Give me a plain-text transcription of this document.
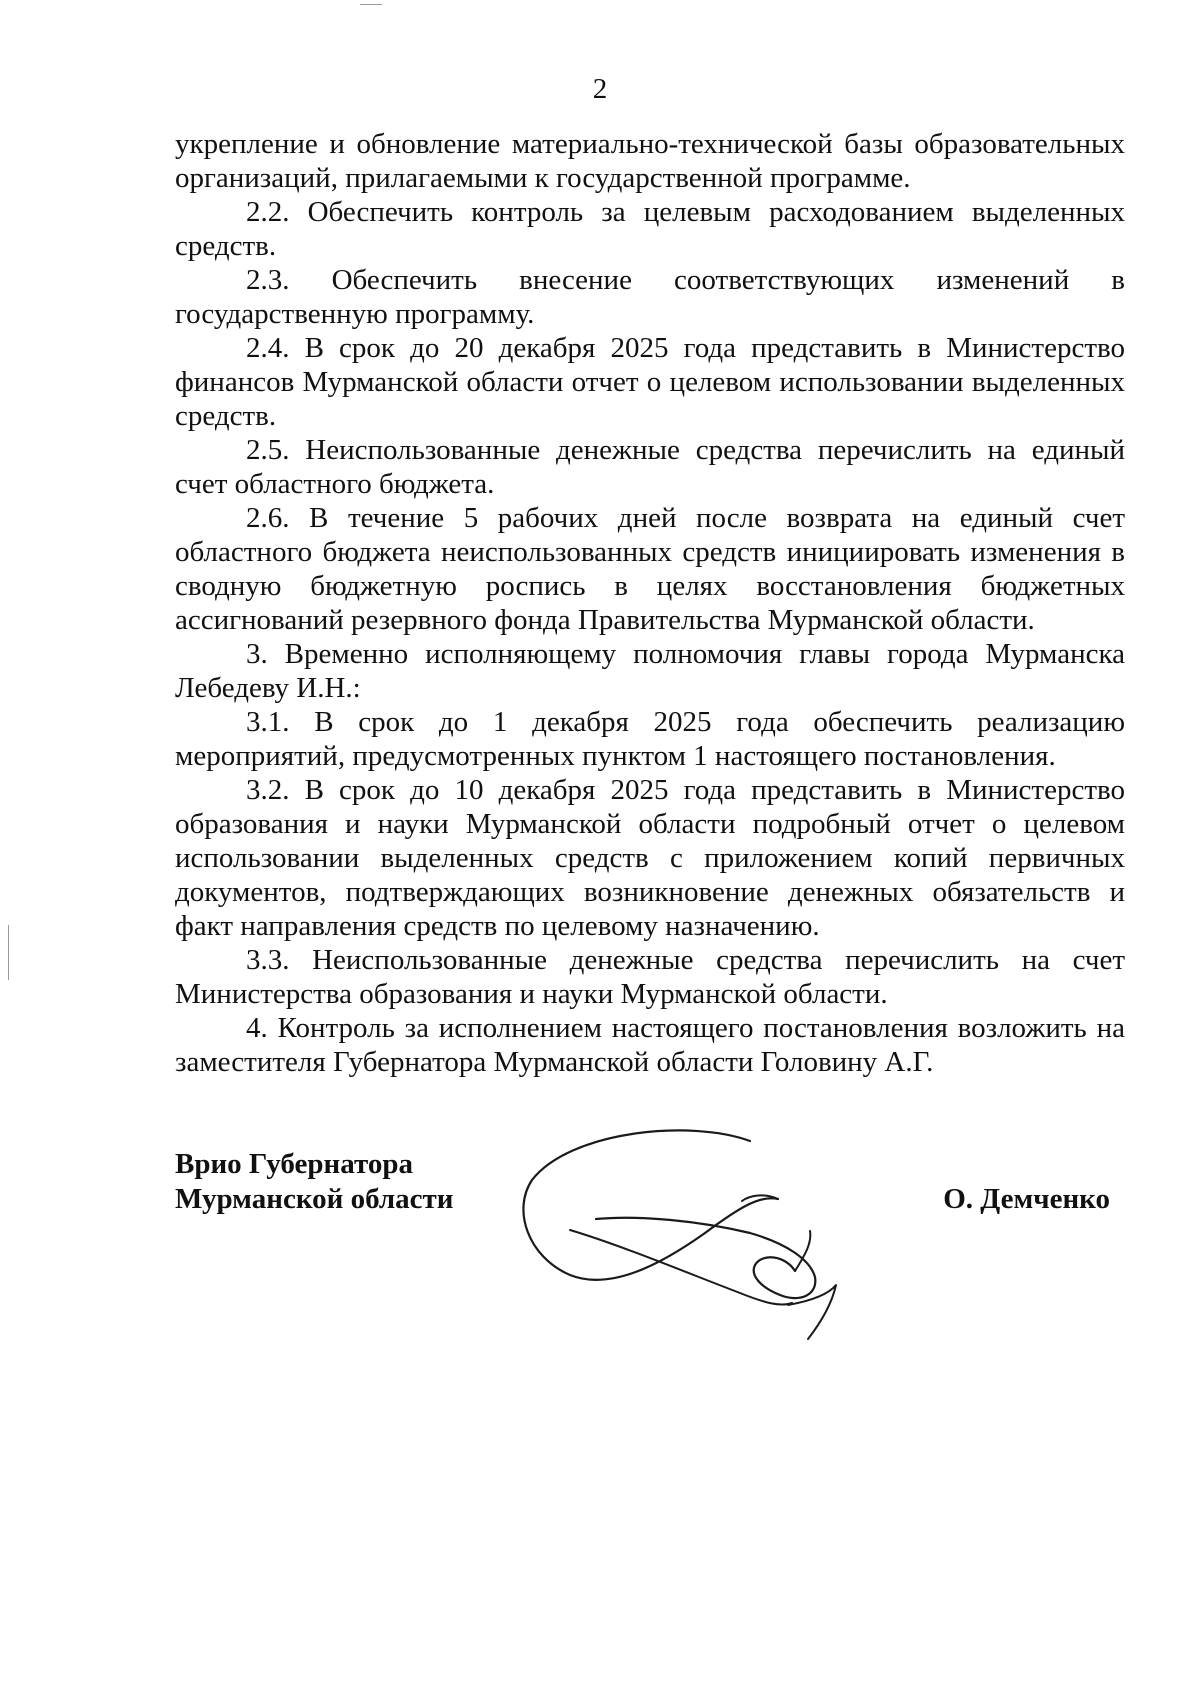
2

укрепление и обновление материально-технической базы образовательных организаций, прилагаемыми к государственной программе.

2.2. Обеспечить контроль за целевым расходованием выделенных средств.

2.3. Обеспечить внесение соответствующих изменений в государственную программу.

2.4. В срок до 20 декабря 2025 года представить в Министерство финансов Мурманской области отчет о целевом использовании выделенных средств.

2.5. Неиспользованные денежные средства перечислить на единый счет областного бюджета.

2.6. В течение 5 рабочих дней после возврата на единый счет областного бюджета неиспользованных средств инициировать изменения в сводную бюджетную роспись в целях восстановления бюджетных ассигнований резервного фонда Правительства Мурманской области.

3. Временно исполняющему полномочия главы города Мурманска Лебедеву И.Н.:

3.1. В срок до 1 декабря 2025 года обеспечить реализацию мероприятий, предусмотренных пунктом 1 настоящего постановления.

3.2. В срок до 10 декабря 2025 года представить в Министерство образования и науки Мурманской области подробный отчет о целевом использовании выделенных средств с приложением копий первичных документов, подтверждающих возникновение денежных обязательств и факт направления средств по целевому назначению.

3.3. Неиспользованные денежные средства перечислить на счет Министерства образования и науки Мурманской области.

4. Контроль за исполнением настоящего постановления возложить на заместителя Губернатора Мурманской области Головину А.Г.

Врио Губернатора
Мурманской области	О. Демченко
